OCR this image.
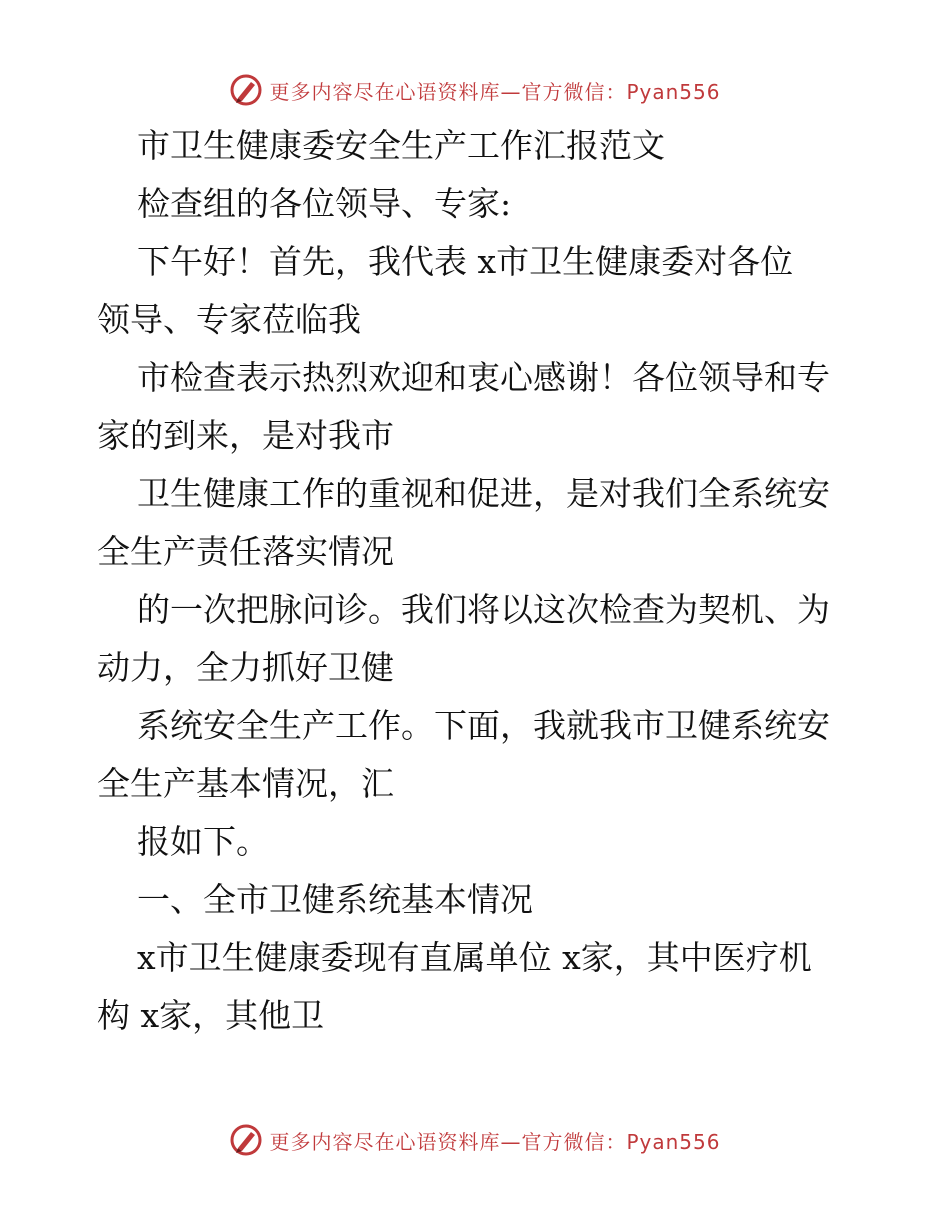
更多内容尽在心语资料库—官方微信：Pyan556
市卫生健康委安全生产工作汇报范文
检查组的各位领导、专家:
下午好！首先，我代表 x市卫生健康委对各位
领导、专家莅临我
市检查表示热烈欢迎和衷心感谢！各位领导和专
家的到来，是对我市
卫生健康工作的重视和促进，是对我们全系统安
全生产责任落实情况
的一次把脉问诊。我们将以这次检查为契机、为
动力，全力抓好卫健
系统安全生产工作。下面，我就我市卫健系统安
全生产基本情况，汇
报如下。
一、全市卫健系统基本情况
x市卫生健康委现有直属单位 x家，其中医疗机
构 x家，其他卫
更多内容尽在心语资料库—官方微信：Pyan556
